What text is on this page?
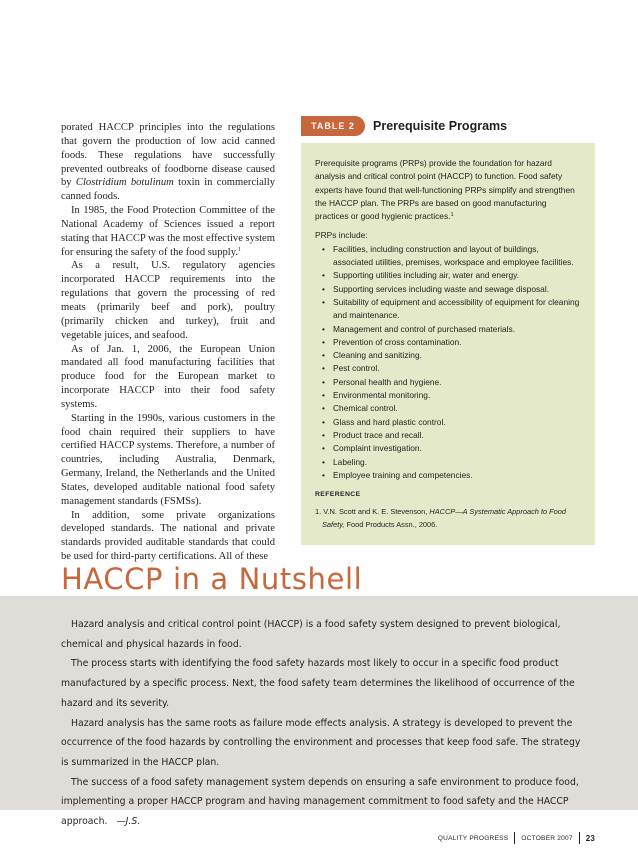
porated HACCP principles into the regulations that govern the production of low acid canned foods. These regulations have successfully prevented outbreaks of foodborne disease caused by Clostridium botulinum toxin in commercially canned foods.

In 1985, the Food Protection Committee of the National Academy of Sciences issued a report stating that HACCP was the most effective system for ensuring the safety of the food supply.$^1$

As a result, U.S. regulatory agencies incorporated HACCP requirements into the regulations that govern the processing of red meats (primarily beef and pork), poultry (primarily chicken and turkey), fruit and vegetable juices, and seafood.

As of Jan. 1, 2006, the European Union mandated all food manufacturing facilities that produce food for the European market to incorporate HACCP into their food safety systems.

Starting in the 1990s, various customers in the food chain required their suppliers to have certified HACCP systems. Therefore, a number of countries, including Australia, Denmark, Germany, Ireland, the Netherlands and the United States, developed auditable national food safety management standards (FSMSs).

In addition, some private organizations developed standards. The national and private standards provided auditable standards that could be used for third-party certifications. All of these

TABLE 2	Prerequisite Programs
Prerequisite programs (PRPs) provide the foundation for hazard analysis and critical control point (HACCP) to function. Food safety experts have found that well-functioning PRPs simplify and strengthen the HACCP plan. The PRPs are based on good manufacturing practices or good hygienic practices.$^1$
PRPs include:
• Facilities, including construction and layout of buildings, associated utilities, premises, workspace and employee facilities.
• Supporting utilities including air, water and energy.
• Supporting services including waste and sewage disposal.
• Suitability of equipment and accessibility of equipment for cleaning and maintenance.
• Management and control of purchased materials.
• Prevention of cross contamination.
• Cleaning and sanitizing.
• Pest control.
• Personal health and hygiene.
• Environmental monitoring.
• Chemical control.
• Glass and hard plastic control.
• Product trace and recall.
• Complaint investigation.
• Labeling.
• Employee training and competencies.
REFERENCE
1. V.N. Scott and K. E. Stevenson, HACCP—A Systematic Approach to Food Safety, Food Products Assn., 2006.
HACCP in a Nutshell

Hazard analysis and critical control point (HACCP) is a food safety system designed to prevent biological, chemical and physical hazards in food.

The process starts with identifying the food safety hazards most likely to occur in a specific food product manufactured by a specific process. Next, the food safety team determines the likelihood of occurrence of the hazard and its severity.

Hazard analysis has the same roots as failure mode effects analysis. A strategy is developed to prevent the occurrence of the food hazards by controlling the environment and processes that keep food safe. The strategy is summarized in the HACCP plan.

The success of a food safety management system depends on ensuring a safe environment to produce food, implementing a proper HACCP program and having management commitment to food safety and the HACCP approach. —J.S.

QUALITY PROGRESS OCTOBER 2007 23
